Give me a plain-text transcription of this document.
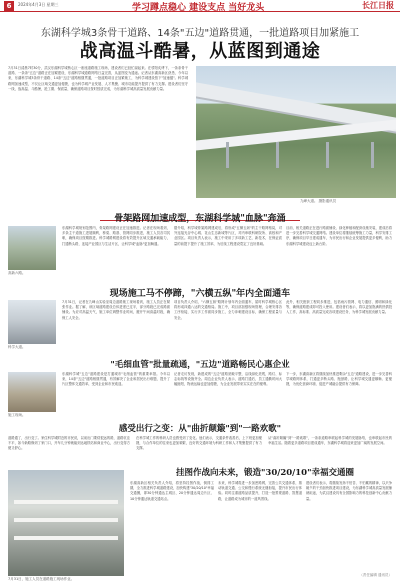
6	2024年4月3日 星期三	学习蹲点稳心 建设支点 当好龙头	长江日报
东湖科学城3条骨干道路、14条"五边"道路贯通，一批道路项目加紧施工
战高温斗酷暑，从蓝图到通途
7月31日清晨7时30分，武汉东湖科学城核心区一座座道路施工现场，建设者们已经忙碌起来。在骄阳炙烤下，一条条骨干道路、一条条"五边"道路正在加紧建设，东湖科学城道路网络日益完善，从蓝图变为通途。记者从东湖高新区获悉，今年以来，东湖科学城3条骨干道路、14条"五边"道路相继贯通，一批道路项目正加紧施工，为科学城建设按下"加速键"。科学城路网加速成型，不仅让区域交通更加便捷，也为科学城产业发展、人才集聚、城市功能提升提供了有力支撑。建设者们坚守一线，战高温、斗酷暑，抢工期、保质量，确保道路项目按时按质完成，为东湖科学城高质量发展贡献力量。
九峰大道。 摄影通讯员
骨架路网加速成型，东湖科学城"血脉"奔涌
高新六路。
东湖科学城规划范围内，骨架路网建设正在加速推进。记者在现场看到，多条主干道施工进展顺利，桥梁、路基、管网同步推进，施工人员各司其职，确保项目按期推进。科学城路网建设将有效提升区域交通承载能力，打通断头路，连接产业园区与生活片区，让科学城"血脉"更加畅通。
据介绍，科学城骨架路网建成后，将形成"五横五纵"的主干路网格局，对外连接光谷中心城、花山生态新城等片区，对内串联科研院所、高校和产业园区。项目负责人表示，施工中采用了多项新工艺、新技术，在保证质量的前提下提升了施工效率，为后续工程建设奠定了良好基础。
目前，相关道路正在进行路面铺设、绿化种植和配套设施安装，建成后将进一步完善科学城交通网络。建设单位将继续统筹施工力量，科学安排工序，确保项目早日建成通车，为市民出行和企业发展提供更多便利，助力东湖科学城建设迈上新台阶。
现场施工马不停蹄，"六横五纵"年内全面通车
科学大道。
7月31日，记者在九峰山实验室周边道路施工现场看到，施工人员正在紧张作业。据了解，该区域道路建设总体进度已过半，部分路段已完成路面铺设。为应对高温天气，施工单位调整作业时间，避开午间高温时段，确保工人安全。
项目负责人介绍，"六横五纵"路网计划年内全面通车，届时科学城核心区将形成四通八达的交通格局。施工中，项目部加强现场管理，合理安排各工序衔接，实行多工作面同步施工，全力冲刺建设目标，确保工程质量与安全。
此外，相关配套工程同步推进，包括雨污管网、电力通信、照明和绿化等，确保道路建成即可投入使用。建设者们表示，将以更加饱满的热情投入工作，高标准、高质量完成各项建设任务，为科学城发展贡献力量。
"毛细血管"批量疏通，"五边"道路畅民心惠企业
施工现场。
东湖科学城"五边"道路建设是打通城市"毛细血管"的重要举措。今年以来，14条"五边"道路相继贯通，有效解决了企业和居民出行难题，提升了片区整体交通效率，受到企业和市民欢迎。
记者走访发现，新建成的"五边"道路宽敞平整，沿线绿化美观，路灯、标志标线等设施齐全。周边企业负责人表示，道路打通后，员工通勤时间大幅缩短，物流运输也更加便捷，为企业发展带来实实在在的便利。
下一步，东湖高新区将继续加快推进剩余"五边"道路建设，进一步完善科学城路网体系，打通更多断头路、瓶颈路，让科学城交通更顺畅、更便捷，为优化营商环境、促进产城融合提供有力保障。
感受出行之变：从"曲折颠簸"到"一路欢歌"
道路通了，出行变了。家住科学城附近的市民说，以前出门要绕很远的路，道路坑洼不平，如今新路修到了家门口，开车几分钟就能到达地铁站和商业中心，出行变得方便又舒心。
在科学城工作的科研人员也感受到了变化。他们表示，交通条件改善后，上下班更加便捷，与合作单位的往来也更加频繁，良好的交通环境为科研工作和人才集聚提供了有力支撑。
从"曲折颠簸"到"一路欢歌"，一条条道路串联起科学城的发展脉络，也串联起市民的幸福生活。随着更多道路项目建成通车，东湖科学城将迎来更加广阔的发展空间。
7月31日，施工人员在道路施工现场作业。
挂图作战向未来，锻造"30/20/10"幸福交通圈
东湖高新区相关负责人介绍，将坚持挂图作战，倒排工期，全力推进科学城道路建设，加快构建"30/20/10"幸福交通圈，即30分钟通达主城区、20分钟通达周边片区、10分钟通达轨道交通站点。
未来，科学城将进一步加密路网，完善公共交通体系，推动轨道交通、公交和慢行系统无缝衔接，提升市民出行体验。同时注重道路品质提升，打造一批景观道路、智慧道路，让道路成为城市的一道风景线。
建设者们表示，将继续发扬不怕苦、不怕累的精神，以只争朝夕的干劲加快推进项目建设，为东湖科学城高质量发展铺就坦途，为武汉建设具有全国影响力的科技创新中心贡献力量。
（责任编辑 通讯员）
